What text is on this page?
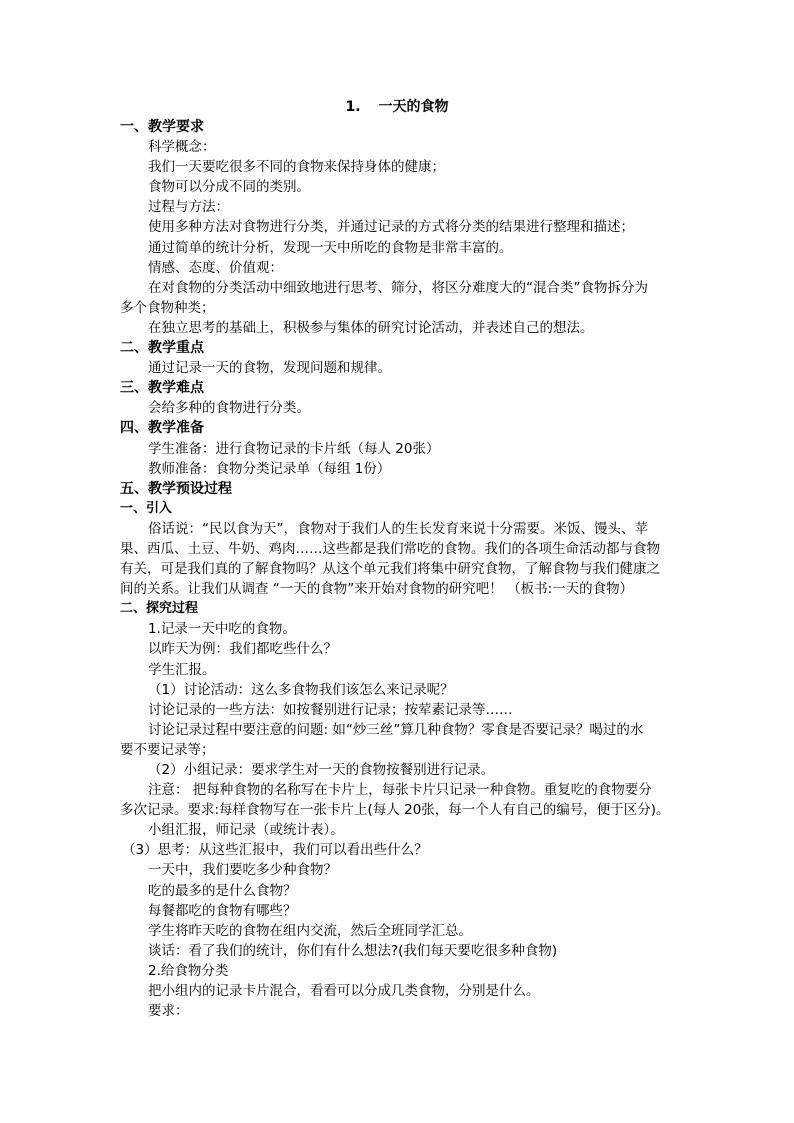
1. 一天的食物
一、教学要求
科学概念：
我们一天要吃很多不同的食物来保持身体的健康；
食物可以分成不同的类别。
过程与方法：
使用多种方法对食物进行分类，并通过记录的方式将分类的结果进行整理和描述；
通过简单的统计分析，发现一天中所吃的食物是非常丰富的。
情感、态度、价值观：
在对食物的分类活动中细致地进行思考、筛分，将区分难度大的“混合类”食物拆分为
多个食物种类；
在独立思考的基础上，积极参与集体的研究讨论活动，并表述自己的想法。
二、教学重点
通过记录一天的食物，发现问题和规律。
三、教学难点
会给多种的食物进行分类。
四、教学准备
学生准备：进行食物记录的卡片纸（每人 20张）
教师准备：食物分类记录单（每组 1份）
五、教学预设过程
一、引入
俗话说：“民以食为天”，食物对于我们人的生长发育来说十分需要。米饭、馒头、苹
果、西瓜、土豆、牛奶、鸡肉……这些都是我们常吃的食物。我们的各项生命活动都与食物
有关，可是我们真的了解食物吗？从这个单元我们将集中研究食物，了解食物与我们健康之
间的关系。让我们从调查 “一天的食物”来开始对食物的研究吧！ （板书:一天的食物）
二、探究过程
1.记录一天中吃的食物。
以昨天为例：我们都吃些什么？
学生汇报。
（1）讨论活动：这么多食物我们该怎么来记录呢？
讨论记录的一些方法：如按餐别进行记录；按荤素记录等……
讨论记录过程中要注意的问题: 如“炒三丝”算几种食物？零食是否要记录？喝过的水
要不要记录等；
（2）小组记录：要求学生对一天的食物按餐别进行记录。
注意： 把每种食物的名称写在卡片上，每张卡片只记录一种食物。重复吃的食物要分
多次记录。要求:每样食物写在一张卡片上(每人 20张，每一个人有自己的编号，便于区分)。
小组汇报，师记录（或统计表）。
（3）思考：从这些汇报中，我们可以看出些什么？
一天中，我们要吃多少种食物？
吃的最多的是什么食物？
每餐都吃的食物有哪些？
学生将昨天吃的食物在组内交流，然后全班同学汇总。
谈话：看了我们的统计，你们有什么想法?(我们每天要吃很多种食物)
2.给食物分类
把小组内的记录卡片混合，看看可以分成几类食物，分别是什么。
要求：
